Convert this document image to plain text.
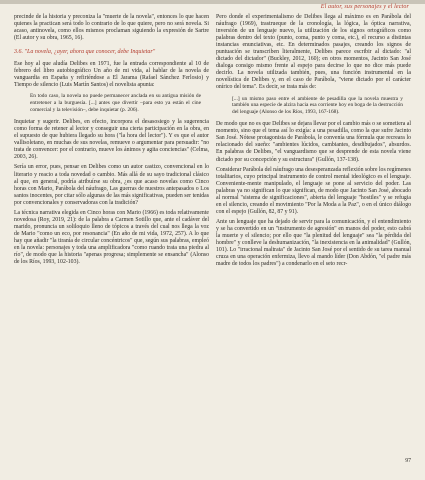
El autor, sus personajes y el lector

precinde de la historia y preconiza la "muerte de la novela", entonces lo que hacen quienes la practican será todo lo contrario de lo que quiere, pero no será novela. Si acaso, antinovela, como ellos mismos proclaman siguiendo la expresión de Sartre (El autor y su obra, 1965, 16).

3.6. "La novela, ¿ayer, ahora que conocer, debe Inquietar"

Ese hoy al que aludía Delibes en 1971, fue la entrada correspondiente al 10 de febrero del libro autobiográfico Un año de mi vida, al hablar de la novela de vanguardia en España y refiriéndose a El Jarama (Rafael Sánchez Ferlosio) y Tiempo de silencio (Luis Martín Santos) el novelista apunta:

En todo caso, la novela no puede permanecer anclada en su antigua misión de entretener a la burguesía. [...] antes que divertir –para esto ya están el cine comercial y la televisión–, debe inquietar (p. 206).

Inquietar y sugerir. Delibes, en efecto, incorpora el desasosiego y la sugerencia como forma de retener al lector y conseguir una cierta participación en la obra, en el supuesto de que hubiera llegado su hora ("la hora del lector"). Y es que el autor vallisoletano, en muchas de sus novelas, remueve o argumentar para persuadir: "no trata de convencer: por el contrario, mueve los ánimos y agita conciencias" (Celma, 2003, 26).

Sería un error, pues, pensar en Delibes como un autor castizo, convencional en lo literario y reacio a toda novedad o cambio. Más allá de su sayo tradicional clásico al que, en general, podría atribuírse su obra, ¿es que acaso novelas como Cinco horas con Mario, Parábola del náufrago, Las guerras de nuestros antepasados o Los santos inocentes, por citar sólo algunas de las más significativas, pueden ser tenidas por convencionales y conservadoras con la tradición?

La técnica narrativa elegida en Cinco horas con Mario (1966) es toda relativamente novedosa (Roy, 2019, 21): de la palabra a Carmen Sotillo que, ante el cadáver del marido, pronuncia un soliloquio lleno de tópicos a través del cual nos llega la voz de Mario "como un eco, por resonancia" (En año de mi vida, 1972, 257). A lo que hay que añadir "la tiranía de circular concéntricos" que, según sus palabras, empleó en la novela: personajes y toda una amplificadora "como ruando trata una piedra al río", de modo que la historia "apenas progresa; simplemente se ensancha" (Alonso de los Ríos, 1993, 102-103).

Pero donde el experimentalismo de Delibes llega al máximo es en Parábola del náufrago (1969), trastrueque de la cronología, la lógica, la óptica narrativa, inversión de un lenguaje nuevo, la utilización de los signos ortográficos como palabras dentro del texto (punto, coma, punto y coma, etc.), el recurso a distintas instancias enunciativas, etc. En determinados pasajes, creando los signos de puntuación se transcriben literalmente, Delibes parece escribir al dictado: "al dictado del dictador" (Buckley, 2012, 160); en otros momentos, Jacinto San José dialoga consigo mismo frente al espejo para decirse lo que no dice más puede decirlo. La novela utilizada también, pues, una función instrumental en la novelística de Delibes y, en el caso de Parábola, "viene dictado por el carácter onírico del tema". Es decir, se trata más de:

[...] un mismo paso entre el ambiente de pesadilla que la novela muestra y también una especie de alzira hacia esa corriente hoy en boga de la destrucción del lenguaje (Alonso de los Ríos, 1993, 167-168).

De modo que no es que Delibes se dejara llevar por el cambio más o se sometiera al momento, sino que el tema así lo exigía: a una pesadilla, como la que sufre Jacinto San José. Nótese protagonista de Parábola, le convenía una fórmula que recreara lo relacionado del sueño: "ambientes lúcidos, cambiantes, desdibujados", absurdos. En palabras de Delibes, "el vanguardismo que se desprende de esta novela viene dictado por su concepción y su estructura" (Gullón, 137-138).

Considerar Parábola del náufrago una desesperanzada reflexión sobre los regímenes totalitarios, cuyo principal instrumento de control mental ideológico es el lenguaje. Conveniente-mente manipulado, el lenguaje se pone al servicio del poder. Las palabras ya no significan lo que significan, de modo que Jacinto San José, abocado al normal "sistema de significaciones", abierta del lenguaje "hostiles" y se refugia en el silencio, creando el movimiento "Por la Moda a la Paz", o en el único diálogo con el espejo (Gullón, 82, 87 y 91).

Ante un lenguaje que ha dejado de servir para la comunicación, y el entendimiento y se ha convertido en un "instrumento de agresión" en manos del poder, esto cabrá la muerte y el silencio; por ello que "la plenitud del lenguaje" sea "la pérdida del hombre" y conlleve la deshumanización, "la inexistencia en la animalidad" (Gullón, 101). Lo "irracional maltrata" de Jacinto San José por el sentido de su tarea manual cruza en una operación enfermiza, llevo al mando líder (Don Abdón, "el padre más madre de todos los padres") a condenarlo en el seto recr-

97
